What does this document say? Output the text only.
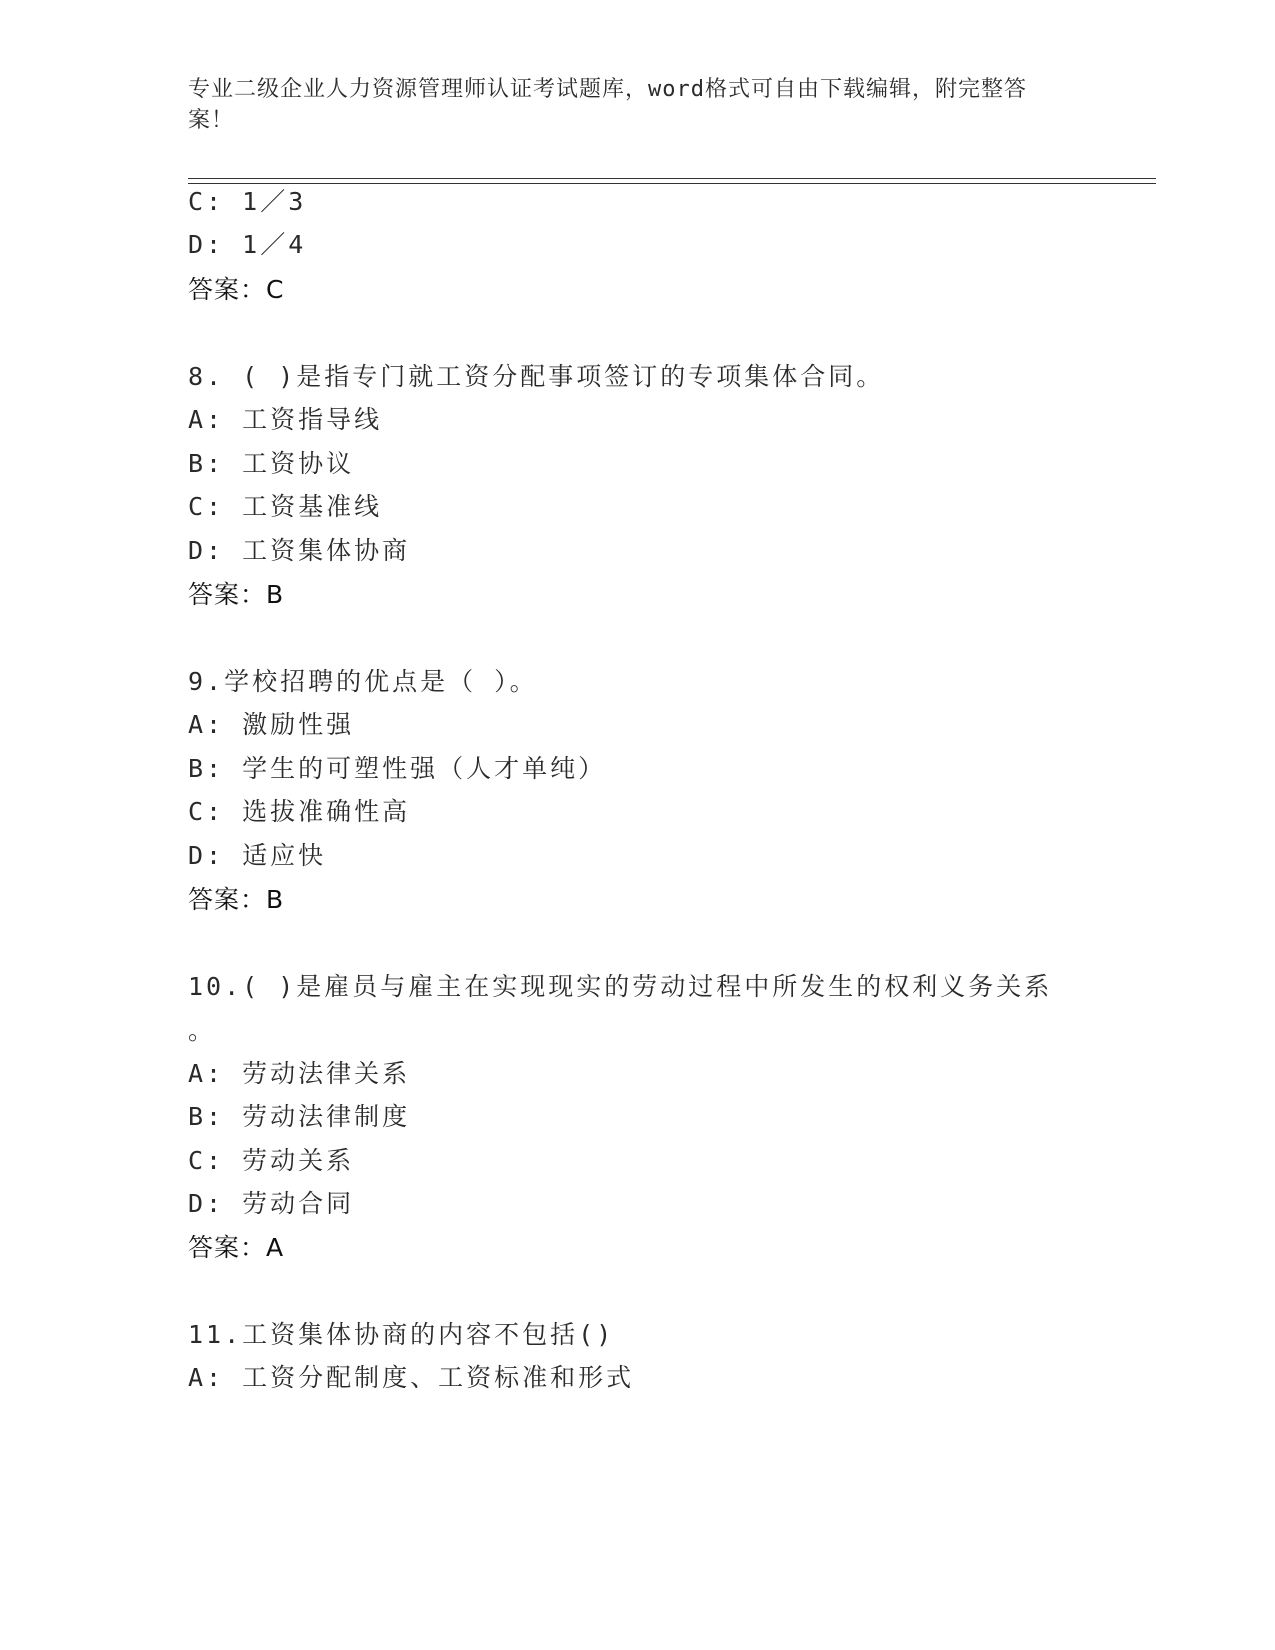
专业二级企业人力资源管理师认证考试题库，word格式可自由下载编辑，附完整答案！
C: 1／3
D: 1／4
答案：C
8. ( )是指专门就工资分配事项签订的专项集体合同。
A: 工资指导线
B: 工资协议
C: 工资基准线
D: 工资集体协商
答案：B
9.学校招聘的优点是（ ）。
A: 激励性强
B: 学生的可塑性强（人才单纯）
C: 选拔准确性高
D: 适应快
答案：B
10.( )是雇员与雇主在实现现实的劳动过程中所发生的权利义务关系
。
A: 劳动法律关系
B: 劳动法律制度
C: 劳动关系
D: 劳动合同
答案：A
11.工资集体协商的内容不包括()
A: 工资分配制度、工资标准和形式
